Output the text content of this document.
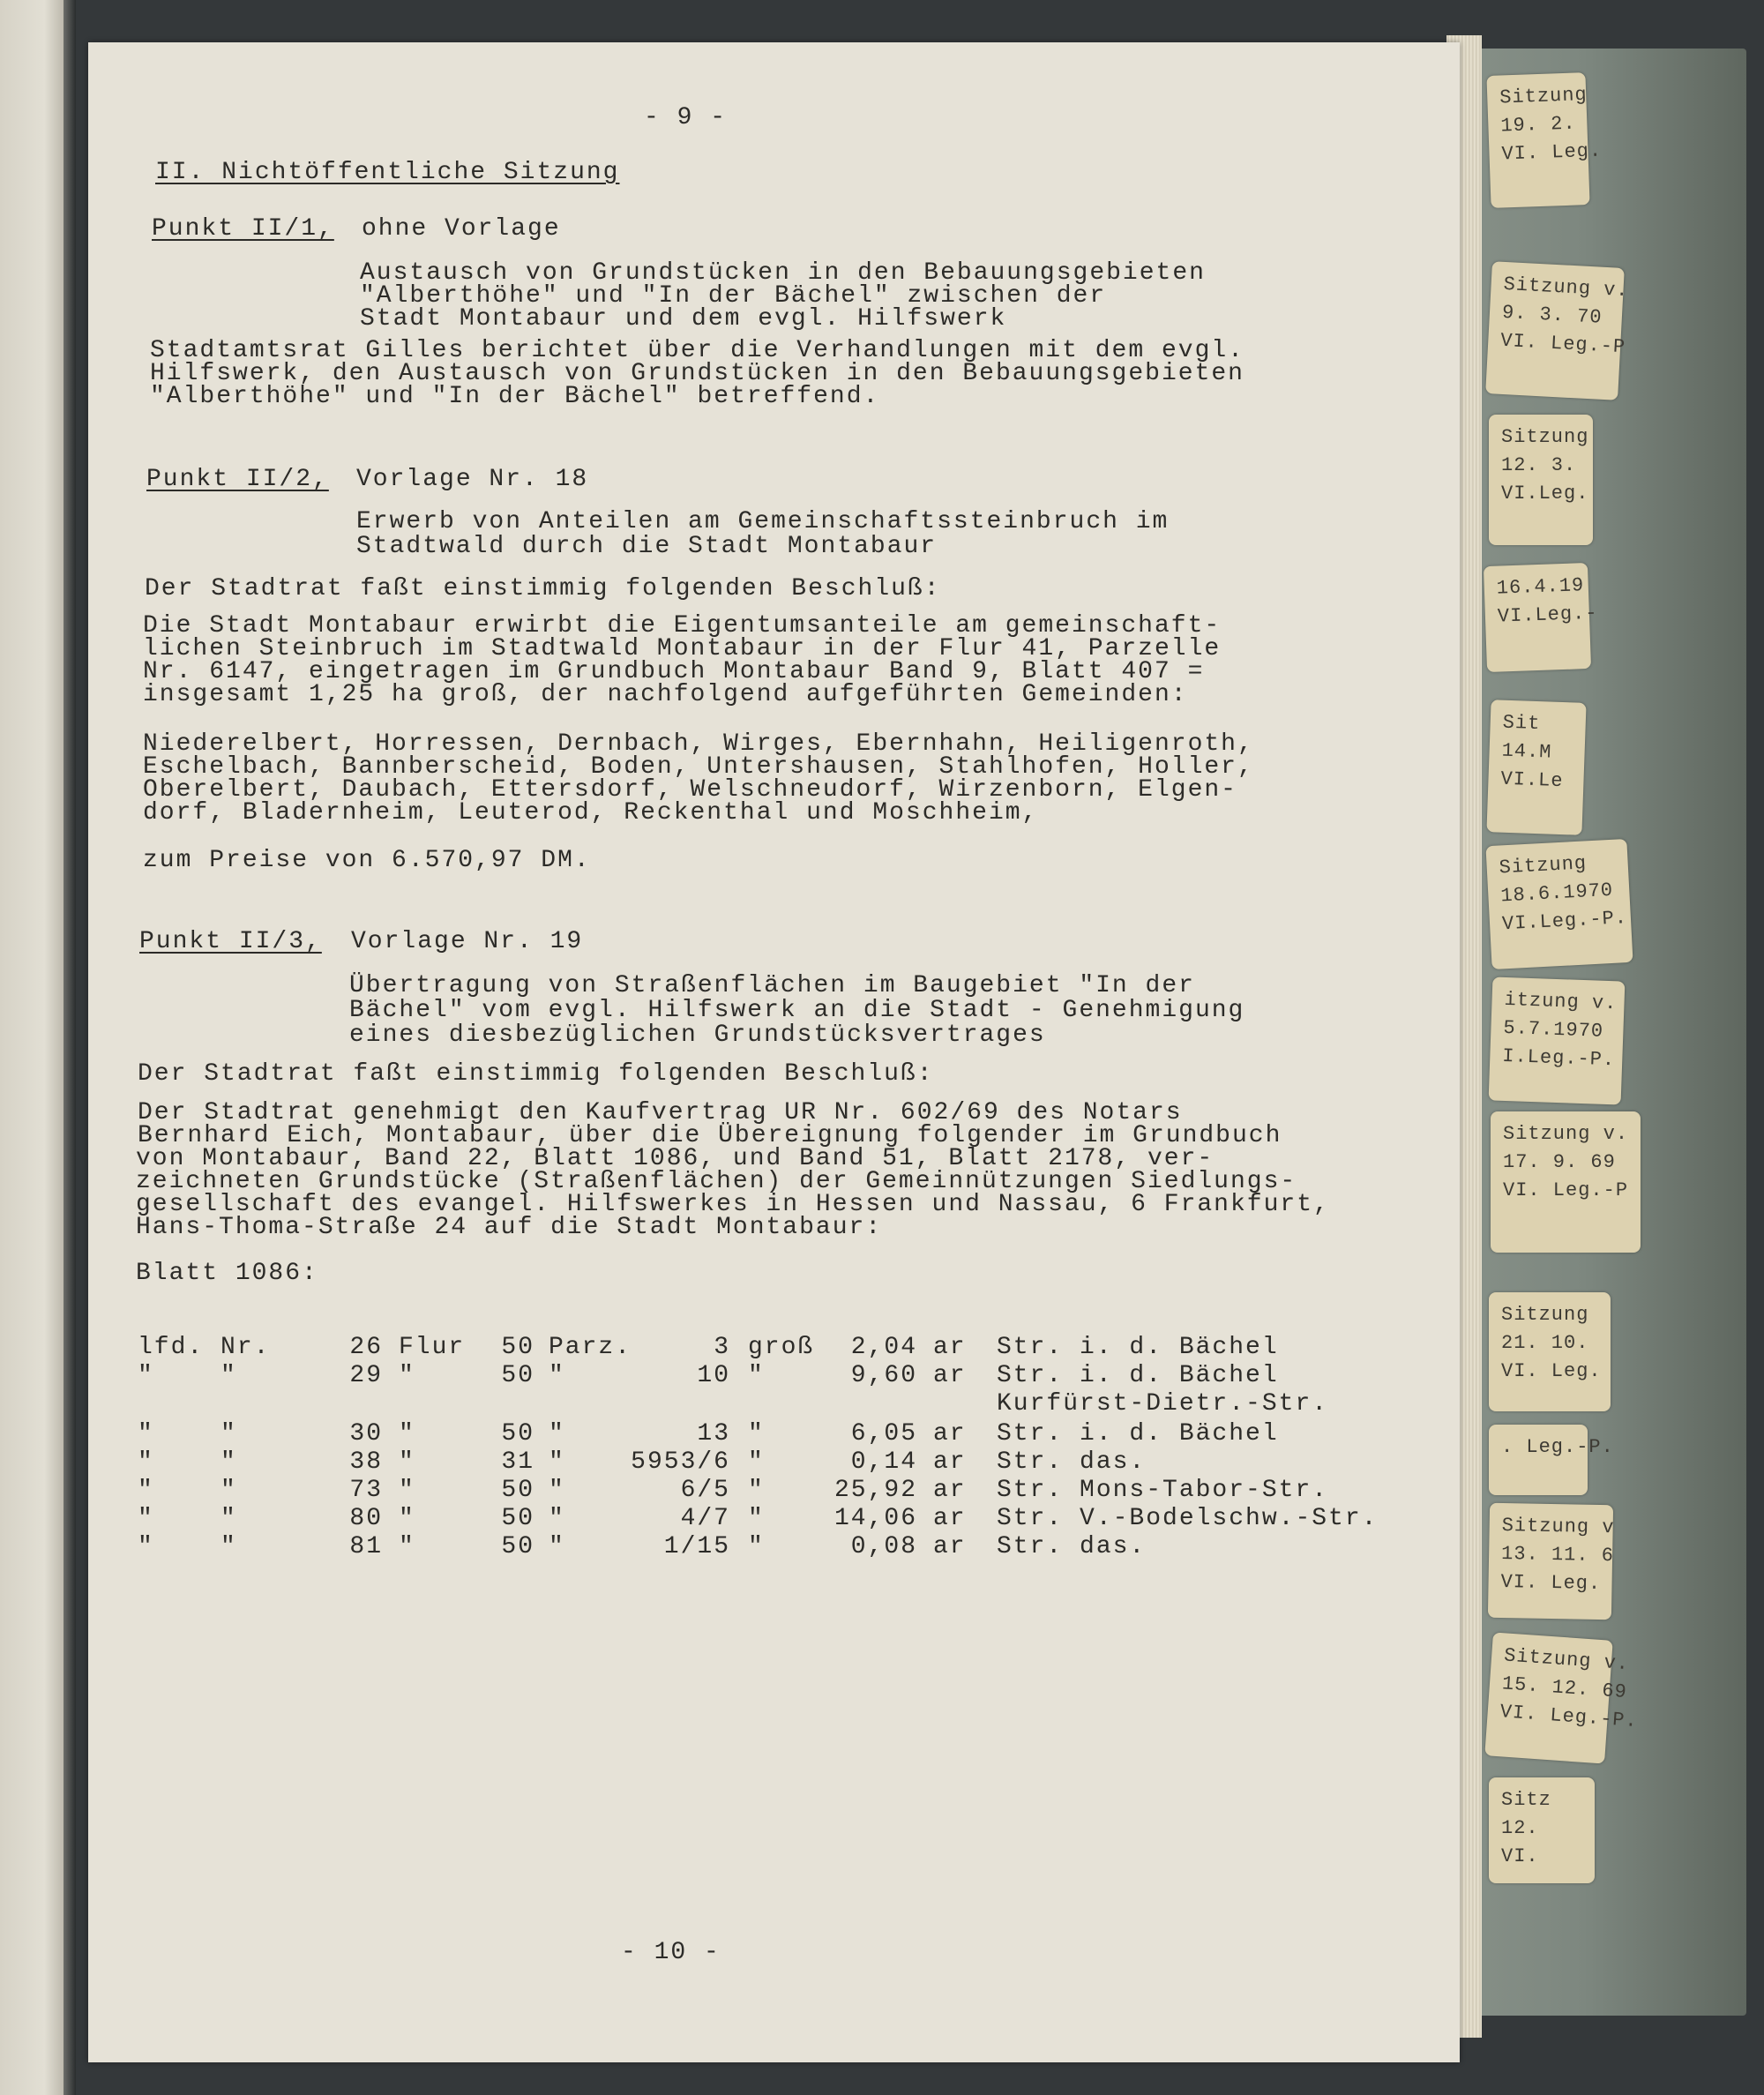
- 9 -
II. Nichtöffentliche Sitzung
Punkt II/1, ohne Vorlage
Austausch von Grundstücken in den Bebauungsgebieten
"Alberthöhe" und "In der Bächel" zwischen der
Stadt Montabaur und dem evgl. Hilfswerk
Stadtamtsrat Gilles berichtet über die Verhandlungen mit dem evgl.
Hilfswerk, den Austausch von Grundstücken in den Bebauungsgebieten
"Alberthöhe" und "In der Bächel" betreffend.
Punkt II/2, Vorlage Nr. 18
Erwerb von Anteilen am Gemeinschaftssteinbruch im
Stadtwald durch die Stadt Montabaur
Der Stadtrat faßt einstimmig folgenden Beschluß:
Die Stadt Montabaur erwirbt die Eigentumsanteile am gemeinschaft-
lichen Steinbruch im Stadtwald Montabaur in der Flur 41, Parzelle
Nr. 6147, eingetragen im Grundbuch Montabaur Band 9, Blatt 407 =
insgesamt 1,25 ha groß, der nachfolgend aufgeführten Gemeinden:
Niederelbert, Horressen, Dernbach, Wirges, Ebernhahn, Heiligenroth,
Eschelbach, Bannberscheid, Boden, Untershausen, Stahlhofen, Holler,
Oberelbert, Daubach, Ettersdorf, Welschneudorf, Wirzenborn, Elgen-
dorf, Bladernheim, Leuterod, Reckenthal und Moschheim,
zum Preise von 6.570,97 DM.
Punkt II/3, Vorlage Nr. 19
Übertragung von Straßenflächen im Baugebiet "In der
Bächel" vom evgl. Hilfswerk an die Stadt - Genehmigung
eines diesbezüglichen Grundstücksvertrages
Der Stadtrat faßt einstimmig folgenden Beschluß:
Der Stadtrat genehmigt den Kaufvertrag UR Nr. 602/69 des Notars
Bernhard Eich, Montabaur, über die Übereignung folgender im Grundbuch
von Montabaur, Band 22, Blatt 1086, und Band 51, Blatt 2178, ver-
zeichneten Grundstücke (Straßenflächen) der Gemeinnützungen Siedlungs-
gesellschaft des evangel. Hilfswerkes in Hessen und Nassau, 6 Frankfurt,
Hans-Thoma-Straße 24 auf die Stadt Montabaur:
Blatt 1086:
lfd. Nr.	26 Flur 50 Parz.	3 groß 2,04 ar Str. i. d. Bächel
"    "	29 "	50 "	10 "	9,60 ar Str. i. d. Bächel
Kurfürst-Dietr.-Str.
"    "	30 "	50 "	13 "	6,05 ar Str. i. d. Bächel
"    "	38 "	31 "	5953/6 "	0,14 ar Str. das.
"    "	73 "	50 "	6/5 "	25,92 ar Str. Mons-Tabor-Str.
"    "	80 "	50 "	4/7 "	14,06 ar Str. V.-Bodelschw.-Str.
"    "	81 "	50 "	1/15 "	0,08 ar Str. das.
- 10 -
Sitzung
19. 2.
VI. Leg.
Sitzung v.
9. 3. 70
VI. Leg.-P
Sitzung
12. 3.
VI.Leg.
16.4.19
VI.Leg.-
Sit
14.M
VI.Le
Sitzung
18.6.1970
VI.Leg.-P.
itzung v.
5.7.1970
I.Leg.-P.
Sitzung v.
17. 9. 69
VI. Leg.-P
Sitzung
21. 10.
VI. Leg.
. Leg.-P.
Sitzung v
13. 11. 6
VI. Leg.
Sitzung v.
15. 12. 69
VI. Leg.-P.
Sitz
12.
VI.
